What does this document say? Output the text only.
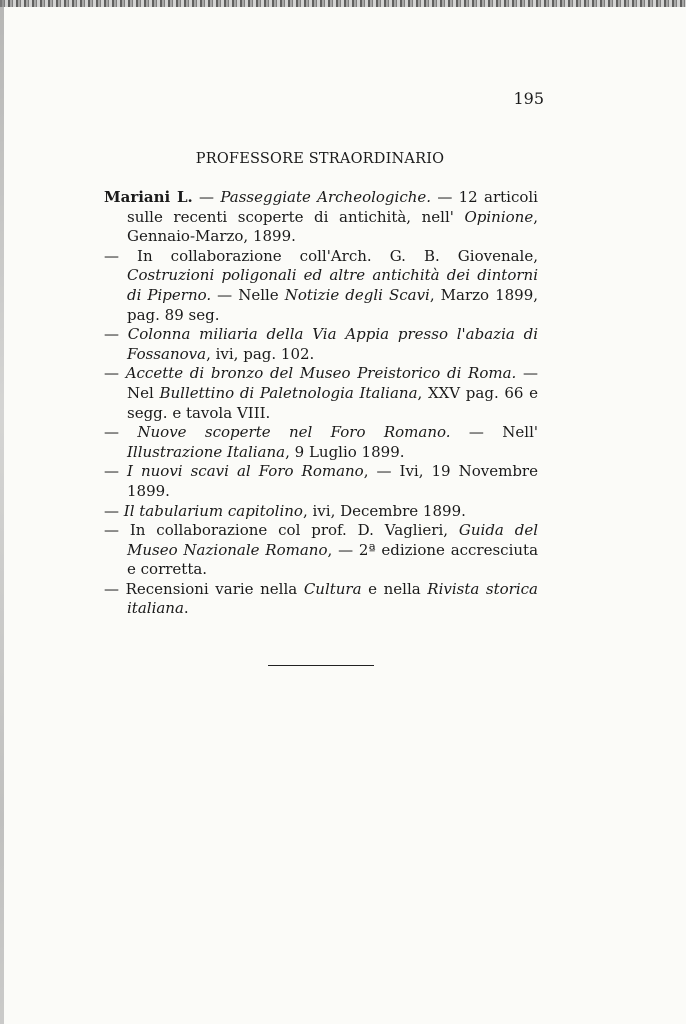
195
PROFESSORE STRAORDINARIO
Mariani L. — Passeggiate Archeologiche. — 12 articoli sulle recenti scoperte di antichità, nell' Opinione, Gennaio-Marzo, 1899.
— In collaborazione coll'Arch. G. B. Giovenale, Costruzioni poligonali ed altre antichità dei dintorni di Piperno. — Nelle Notizie degli Scavi, Marzo 1899, pag. 89 seg.
— Colonna miliaria della Via Appia presso l'abazia di Fossanova, ivi, pag. 102.
— Accette di bronzo del Museo Preistorico di Roma. — Nel Bullettino di Paletnologia Italiana, XXV pag. 66 e segg. e tavola VIII.
— Nuove scoperte nel Foro Romano. — Nell' Illustrazione Italiana, 9 Luglio 1899.
— I nuovi scavi al Foro Romano, — Ivi, 19 Novembre 1899.
— Il tabularium capitolino, ivi, Decembre 1899.
— In collaborazione col prof. D. Vaglieri, Guida del Museo Nazionale Romano, — 2ª edizione accresciuta e corretta.
— Recensioni varie nella Cultura e nella Rivista storica italiana.
